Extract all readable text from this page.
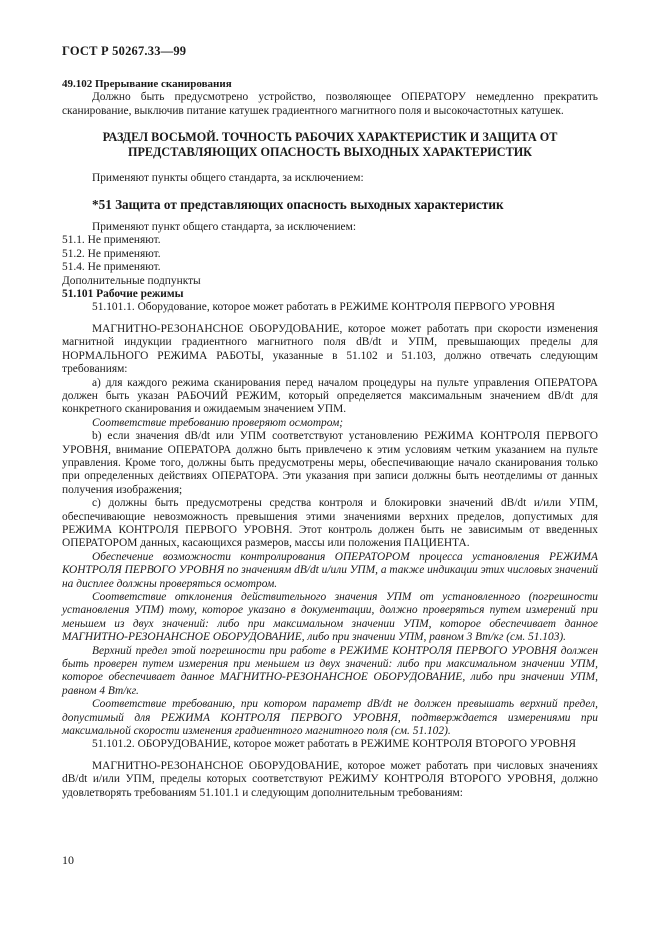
ГОСТ Р 50267.33—99

49.102 Прерывание сканирования

Должно быть предусмотрено устройство, позволяющее ОПЕРАТОРУ немедленно прекратить сканирование, выключив питание катушек градиентного магнитного поля и высокочастотных катушек.

РАЗДЕЛ ВОСЬМОЙ. ТОЧНОСТЬ РАБОЧИХ ХАРАКТЕРИСТИК И ЗАЩИТА ОТ ПРЕДСТАВЛЯЮЩИХ ОПАСНОСТЬ ВЫХОДНЫХ ХАРАКТЕРИСТИК

Применяют пункты общего стандарта, за исключением:

*51 Защита от представляющих опасность выходных характеристик

Применяют пункт общего стандарта, за исключением:

51.1. Не применяют.

51.2. Не применяют.

51.4. Не применяют.

Дополнительные подпункты

51.101 Рабочие режимы

51.101.1. Оборудование, которое может работать в РЕЖИМЕ КОНТРОЛЯ ПЕРВОГО УРОВНЯ

МАГНИТНО-РЕЗОНАНСНОЕ ОБОРУДОВАНИЕ, которое может работать при скорости изменения магнитной индукции градиентного магнитного поля dB/dt и УПМ, превышающих пределы для НОРМАЛЬНОГО РЕЖИМА РАБОТЫ, указанные в 51.102 и 51.103, должно отвечать следующим требованиям:

a) для каждого режима сканирования перед началом процедуры на пульте управления ОПЕРАТОРА должен быть указан РАБОЧИЙ РЕЖИМ, который определяется максимальным значением dB/dt для конкретного сканирования и ожидаемым значением УПМ.

Соответствие требованию проверяют осмотром;

b) если значения dB/dt или УПМ соответствуют установлению РЕЖИМА КОНТРОЛЯ ПЕРВОГО УРОВНЯ, внимание ОПЕРАТОРА должно быть привлечено к этим условиям четким указанием на пульте управления. Кроме того, должны быть предусмотрены меры, обеспечивающие начало сканирования только при определенных действиях ОПЕРАТОРА. Эти указания при записи должны быть неотделимы от данных получения изображения;

c) должны быть предусмотрены средства контроля и блокировки значений dB/dt и/или УПМ, обеспечивающие невозможность превышения этими значениями верхних пределов, допустимых для РЕЖИМА КОНТРОЛЯ ПЕРВОГО УРОВНЯ. Этот контроль должен быть не зависимым от введенных ОПЕРАТОРОМ данных, касающихся размеров, массы или положения ПАЦИЕНТА.

Обеспечение возможности контролирования ОПЕРАТОРОМ процесса установления РЕЖИМА КОНТРОЛЯ ПЕРВОГО УРОВНЯ по значениям dB/dt и/или УПМ, а также индикации этих числовых значений на дисплее должны проверяться осмотром.

Соответствие отклонения действительного значения УПМ от установленного (погрешности установления УПМ) тому, которое указано в документации, должно проверяться путем измерений при меньшем из двух значений: либо при максимальном значении УПМ, которое обеспечивает данное МАГНИТНО-РЕЗОНАНСНОЕ ОБОРУДОВАНИЕ, либо при значении УПМ, равном 3 Вт/кг (см. 51.103).

Верхний предел этой погрешности при работе в РЕЖИМЕ КОНТРОЛЯ ПЕРВОГО УРОВНЯ должен быть проверен путем измерения при меньшем из двух значений: либо при максимальном значении УПМ, которое обеспечивает данное МАГНИТНО-РЕЗОНАНСНОЕ ОБОРУДОВАНИЕ, либо при значении УПМ, равном 4 Вт/кг.

Соответствие требованию, при котором параметр dB/dt не должен превышать верхний предел, допустимый для РЕЖИМА КОНТРОЛЯ ПЕРВОГО УРОВНЯ, подтверждается измерениями при максимальной скорости изменения градиентного магнитного поля (см. 51.102).

51.101.2. ОБОРУДОВАНИЕ, которое может работать в РЕЖИМЕ КОНТРОЛЯ ВТОРОГО УРОВНЯ

МАГНИТНО-РЕЗОНАНСНОЕ ОБОРУДОВАНИЕ, которое может работать при числовых значениях dB/dt и/или УПМ, пределы которых соответствуют РЕЖИМУ КОНТРОЛЯ ВТОРОГО УРОВНЯ, должно удовлетворять требованиям 51.101.1 и следующим дополнительным требованиям:

10
